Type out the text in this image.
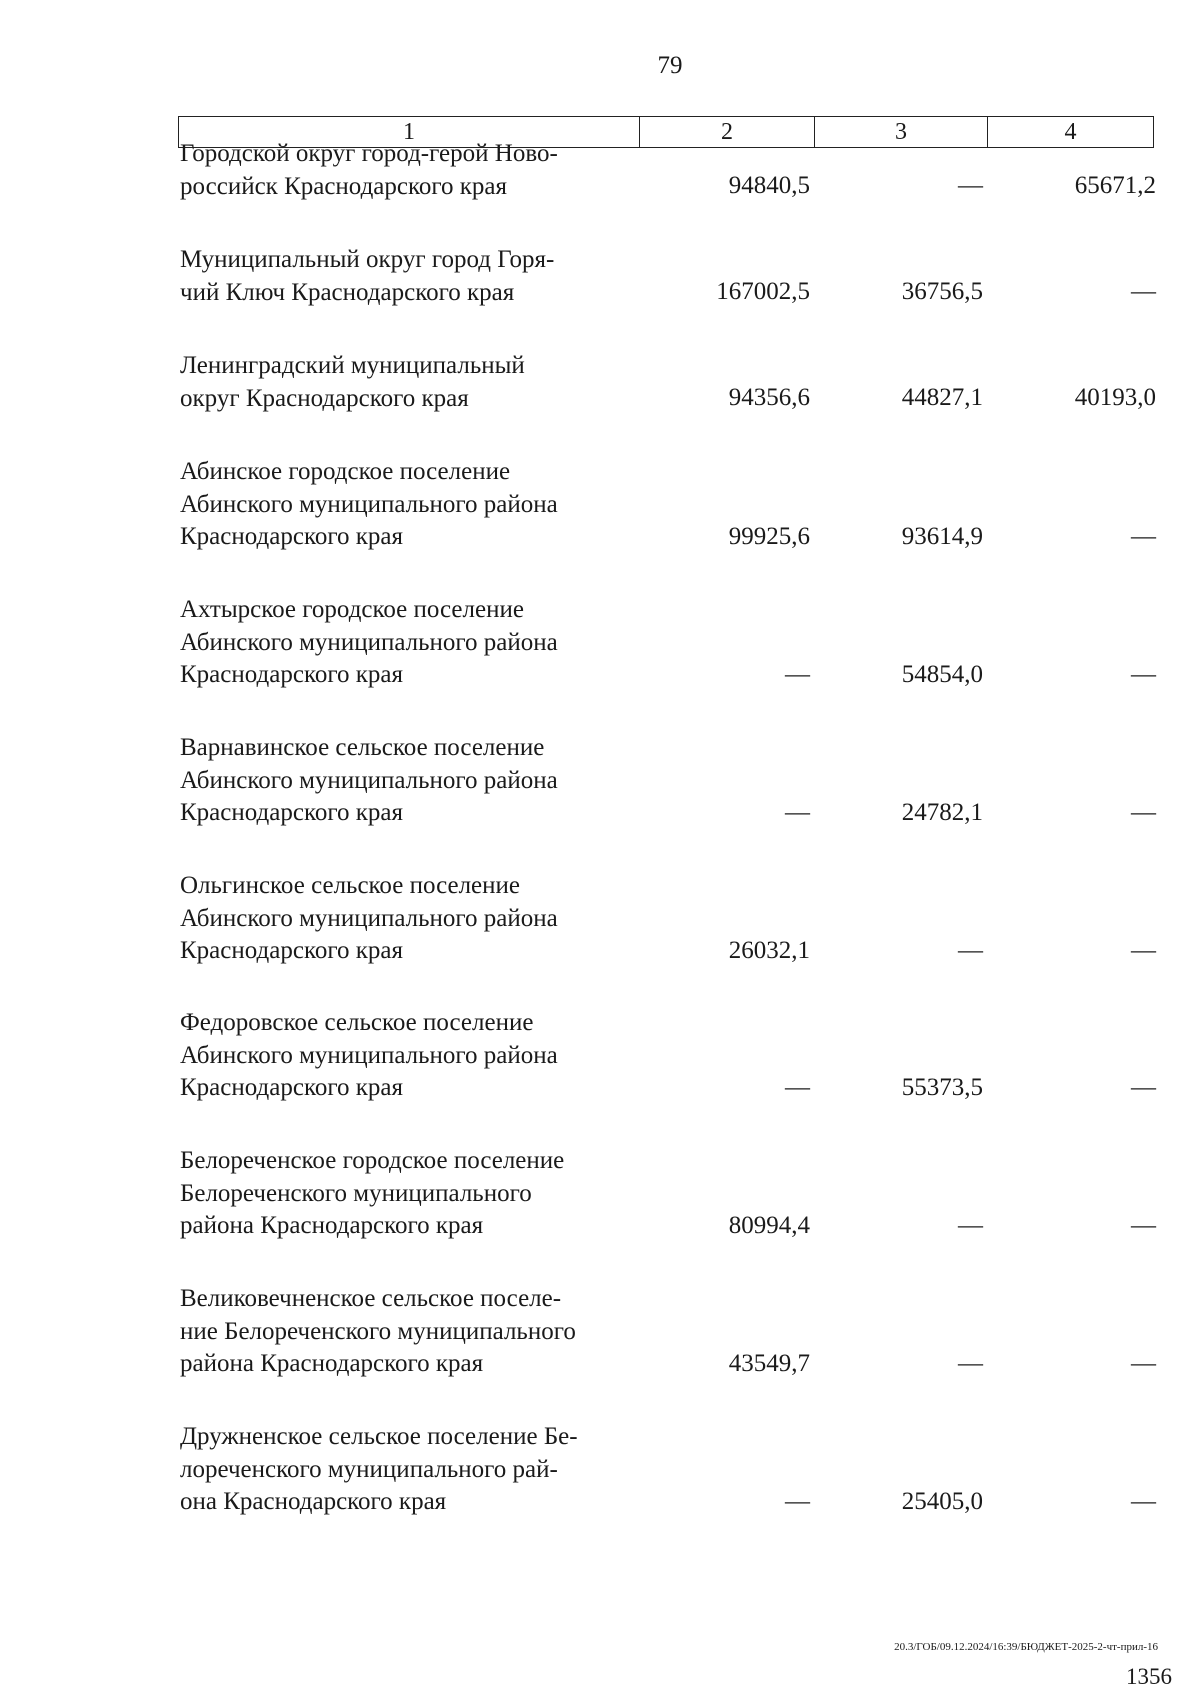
79
1	2	3	4
Городской округ город-герой Ново-
российск Краснодарского края	94840,5	—	65671,2
Муниципальный округ город Горя-
чий Ключ Краснодарского края	167002,5	36756,5	—
Ленинградский муниципальный
округ Краснодарского края	94356,6	44827,1	40193,0
Абинское городское поселение
Абинского муниципального района
Краснодарского края	99925,6	93614,9	—
Ахтырское городское поселение
Абинского муниципального района
Краснодарского края	—	54854,0	—
Варнавинское сельское поселение
Абинского муниципального района
Краснодарского края	—	24782,1	—
Ольгинское сельское поселение
Абинского муниципального района
Краснодарского края	26032,1	—	—
Федоровское сельское поселение
Абинского муниципального района
Краснодарского края	—	55373,5	—
Белореченское городское поселение
Белореченского муниципального
района Краснодарского края	80994,4	—	—
Великовечненское сельское поселе-
ние Белореченского муниципального
района Краснодарского края	43549,7	—	—
Дружненское сельское поселение Бе-
лореченского муниципального рай-
она Краснодарского края	—	25405,0	—
20.3/ГОБ/09.12.2024/16:39/БЮДЖЕТ-2025-2-чт-прил-16
1356
